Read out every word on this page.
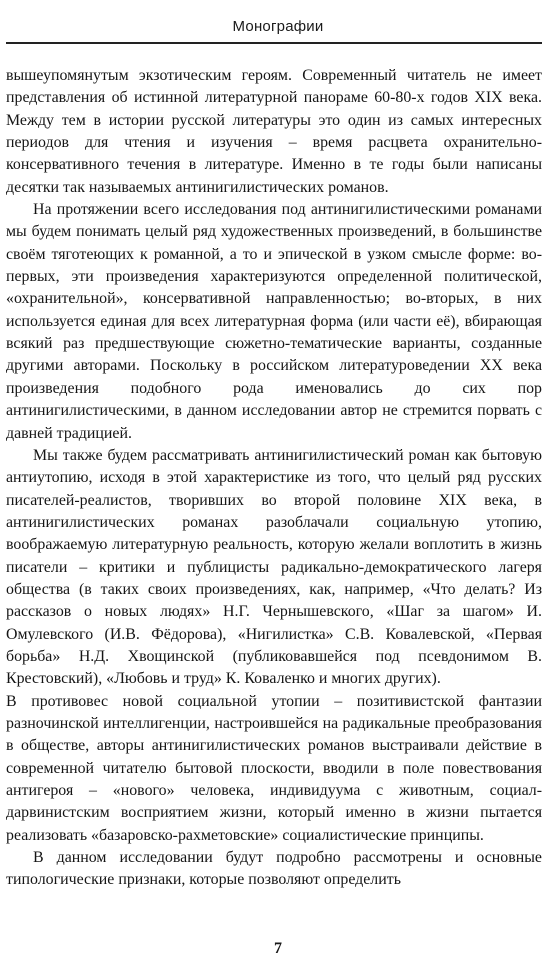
Монографии

вышеупомянутым экзотическим героям. Современный читатель не имеет представления об истинной литературной панораме 60-80-х годов XIX века. Между тем в истории русской литературы это один из самых интересных периодов для чтения и изучения – время расцвета охранительно-консервативного течения в литературе. Именно в те годы были написаны десятки так называемых антинигилистических романов.

На протяжении всего исследования под антинигилистическими романами мы будем понимать целый ряд художественных произведений, в большинстве своём тяготеющих к романной, а то и эпической в узком смысле форме: во-первых, эти произведения характеризуются определенной политической, «охранительной», консервативной направленностью; во-вторых, в них используется единая для всех литературная форма (или части её), вбирающая всякий раз предшествующие сюжетно-тематические варианты, созданные другими авторами. Поскольку в российском литературоведении XX века произведения подобного рода именовались до сих пор антинигилистическими, в данном исследовании автор не стремится порвать с давней традицией.

Мы также будем рассматривать антинигилистический роман как бытовую антиутопию, исходя в этой характеристике из того, что целый ряд русских писателей-реалистов, творивших во второй половине XIX века, в антинигилистических романах разоблачали социальную утопию, воображаемую литературную реальность, которую желали воплотить в жизнь писатели – критики и публицисты радикально-демократического лагеря общества (в таких своих произведениях, как, например, «Что делать? Из рассказов о новых людях» Н.Г. Чернышевского, «Шаг за шагом» И. Омулевского (И.В. Фёдорова), «Нигилистка» С.В. Ковалевской, «Первая борьба» Н.Д. Хвощинской (публиковавшейся под псевдонимом В. Крестовский), «Любовь и труд» К. Коваленко и многих других).

В противовес новой социальной утопии – позитивистской фантазии разночинской интеллигенции, настроившейся на радикальные преобразования в обществе, авторы антинигилистических романов выстраивали действие в современной читателю бытовой плоскости, вводили в поле повествования антигероя – «нового» человека, индивидуума с животным, социал-дарвинистским восприятием жизни, который именно в жизни пытается реализовать «базаровско-рахметовские» социалистические принципы.

В данном исследовании будут подробно рассмотрены и основные типологические признаки, которые позволяют определить

7
